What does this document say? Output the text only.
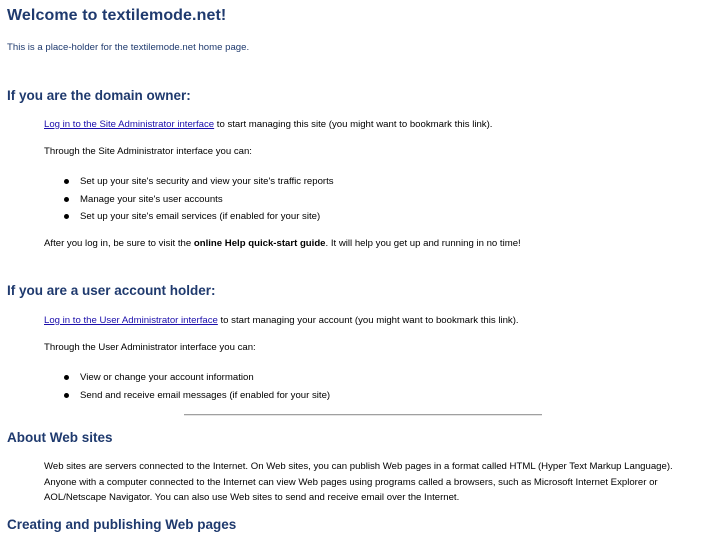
Welcome to textilemode.net!

This is a place-holder for the textilemode.net home page.

If you are the domain owner:

Log in to the Site Administrator interface to start managing this site (you might want to bookmark this link).

Through the Site Administrator interface you can:

Set up your site's security and view your site's traffic reports
Manage your site's user accounts
Set up your site's email services (if enabled for your site)

After you log in, be sure to visit the online Help quick-start guide. It will help you get up and running in no time!

If you are a user account holder:

Log in to the User Administrator interface to start managing your account (you might want to bookmark this link).

Through the User Administrator interface you can:

View or change your account information
Send and receive email messages (if enabled for your site)
About Web sites

Web sites are servers connected to the Internet. On Web sites, you can publish Web pages in a format called HTML (Hyper Text Markup Language). Anyone with a computer connected to the Internet can view Web pages using programs called a browsers, such as Microsoft Internet Explorer or AOL/Netscape Navigator. You can also use Web sites to send and receive email over the Internet.

Creating and publishing Web pages
